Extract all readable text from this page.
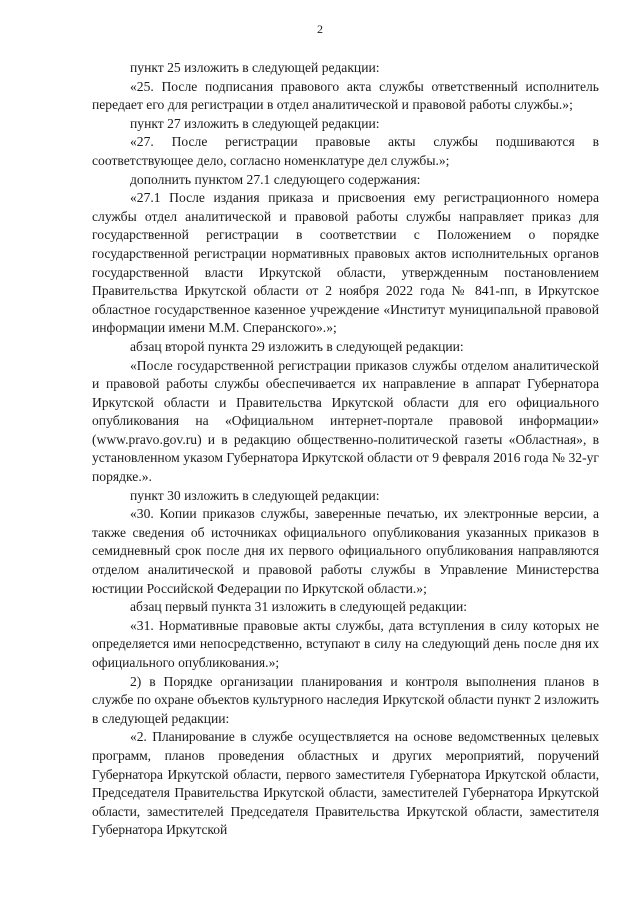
2

пункт 25 изложить в следующей редакции:

«25. После подписания правового акта службы ответственный исполнитель передает его для регистрации в отдел аналитической и правовой работы службы.»;

пункт 27 изложить в следующей редакции:

«27. После регистрации правовые акты службы подшиваются в соответствующее дело, согласно номенклатуре дел службы.»;

дополнить пунктом 27.1 следующего содержания:

«27.1 После издания приказа и присвоения ему регистрационного номера службы отдел аналитической и правовой работы службы направляет приказ для государственной регистрации в соответствии с Положением о порядке государственной регистрации нормативных правовых актов исполнительных органов государственной власти Иркутской области, утвержденным постановлением Правительства Иркутской области от 2 ноября 2022 года № 841-пп, в Иркутское областное государственное казенное учреждение «Институт муниципальной правовой информации имени М.М. Сперанского».»;

абзац второй пункта 29 изложить в следующей редакции:

«После государственной регистрации приказов службы отделом аналитической и правовой работы службы обеспечивается их направление в аппарат Губернатора Иркутской области и Правительства Иркутской области для его официального опубликования на «Официальном интернет-портале правовой информации» (www.pravo.gov.ru) и в редакцию общественно-политической газеты «Областная», в установленном указом Губернатора Иркутской области от 9 февраля 2016 года № 32-уг порядке.».

пункт 30 изложить в следующей редакции:

«30. Копии приказов службы, заверенные печатью, их электронные версии, а также сведения об источниках официального опубликования указанных приказов в семидневный срок после дня их первого официального опубликования направляются отделом аналитической и правовой работы службы в Управление Министерства юстиции Российской Федерации по Иркутской области.»;

абзац первый пункта 31 изложить в следующей редакции:

«31. Нормативные правовые акты службы, дата вступления в силу которых не определяется ими непосредственно, вступают в силу на следующий день после дня их официального опубликования.»;

2) в Порядке организации планирования и контроля выполнения планов в службе по охране объектов культурного наследия Иркутской области пункт 2 изложить в следующей редакции:

«2. Планирование в службе осуществляется на основе ведомственных целевых программ, планов проведения областных и других мероприятий, поручений Губернатора Иркутской области, первого заместителя Губернатора Иркутской области, Председателя Правительства Иркутской области, заместителей Губернатора Иркутской области, заместителей Председателя Правительства Иркутской области, заместителя Губернатора Иркутской
